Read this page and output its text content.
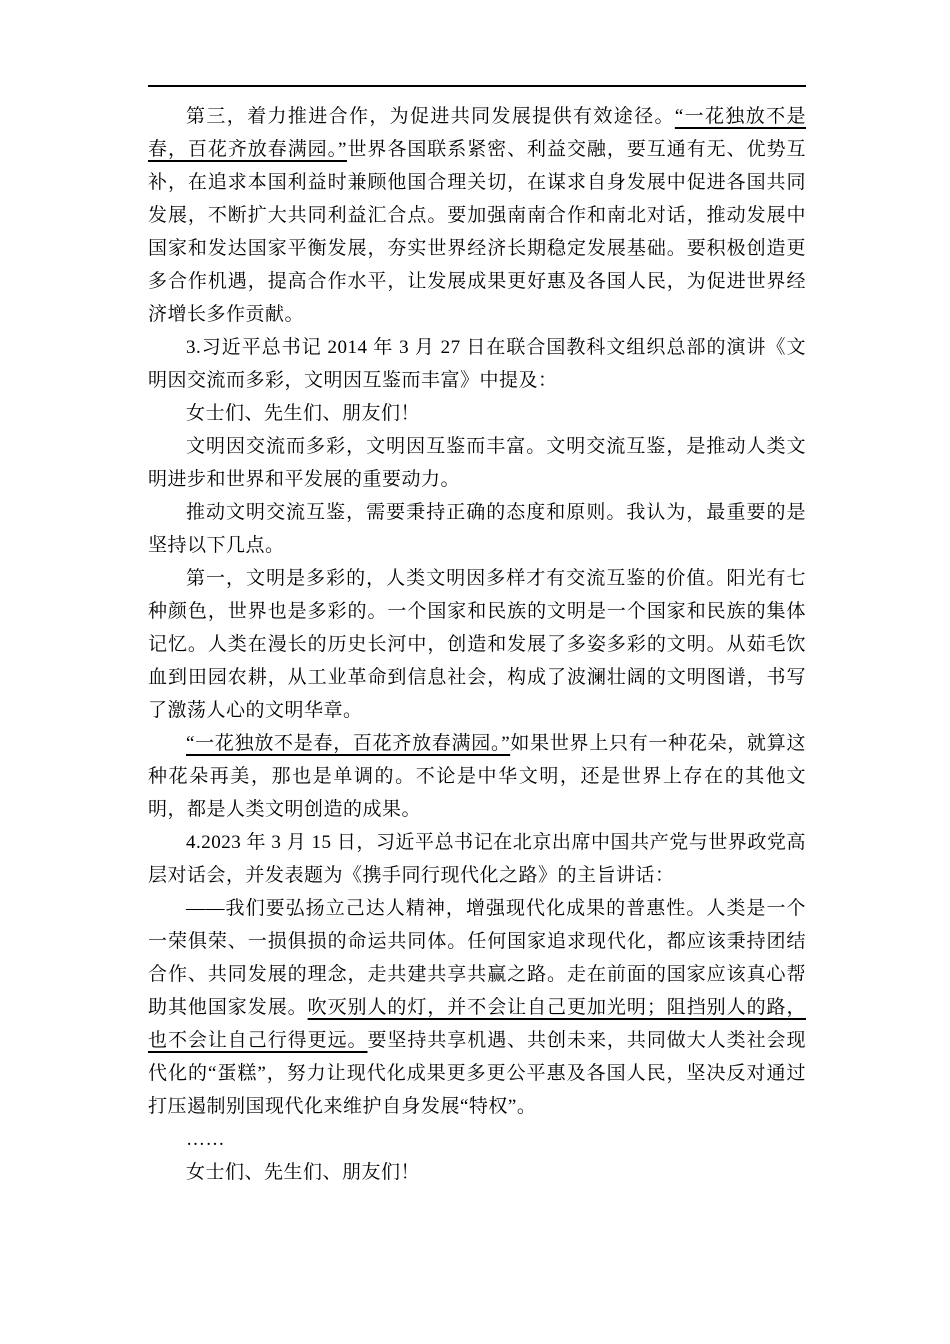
第三，着力推进合作，为促进共同发展提供有效途径。“一花独放不是春，百花齐放春满园。”世界各国联系紧密、利益交融，要互通有无、优势互补，在追求本国利益时兼顾他国合理关切，在谋求自身发展中促进各国共同发展，不断扩大共同利益汇合点。要加强南南合作和南北对话，推动发展中国家和发达国家平衡发展，夯实世界经济长期稳定发展基础。要积极创造更多合作机遇，提高合作水平，让发展成果更好惠及各国人民，为促进世界经济增长多作贡献。

3.习近平总书记 2014 年 3 月 27 日在联合国教科文组织总部的演讲《文明因交流而多彩，文明因互鉴而丰富》中提及：

女士们、先生们、朋友们！

文明因交流而多彩，文明因互鉴而丰富。文明交流互鉴，是推动人类文明进步和世界和平发展的重要动力。

推动文明交流互鉴，需要秉持正确的态度和原则。我认为，最重要的是坚持以下几点。

第一，文明是多彩的，人类文明因多样才有交流互鉴的价值。阳光有七种颜色，世界也是多彩的。一个国家和民族的文明是一个国家和民族的集体记忆。人类在漫长的历史长河中，创造和发展了多姿多彩的文明。从茹毛饮血到田园农耕，从工业革命到信息社会，构成了波澜壮阔的文明图谱，书写了激荡人心的文明华章。

“一花独放不是春，百花齐放春满园。”如果世界上只有一种花朵，就算这种花朵再美，那也是单调的。不论是中华文明，还是世界上存在的其他文明，都是人类文明创造的成果。

4.2023 年 3 月 15 日，习近平总书记在北京出席中国共产党与世界政党高层对话会，并发表题为《携手同行现代化之路》的主旨讲话：

——我们要弘扬立己达人精神，增强现代化成果的普惠性。人类是一个一荣俱荣、一损俱损的命运共同体。任何国家追求现代化，都应该秉持团结合作、共同发展的理念，走共建共享共赢之路。走在前面的国家应该真心帮助其他国家发展。吹灭别人的灯，并不会让自己更加光明；阻挡别人的路，也不会让自己行得更远。要坚持共享机遇、共创未来，共同做大人类社会现代化的“蛋糕”，努力让现代化成果更多更公平惠及各国人民，坚决反对通过打压遏制别国现代化来维护自身发展“特权”。

……

女士们、先生们、朋友们！
